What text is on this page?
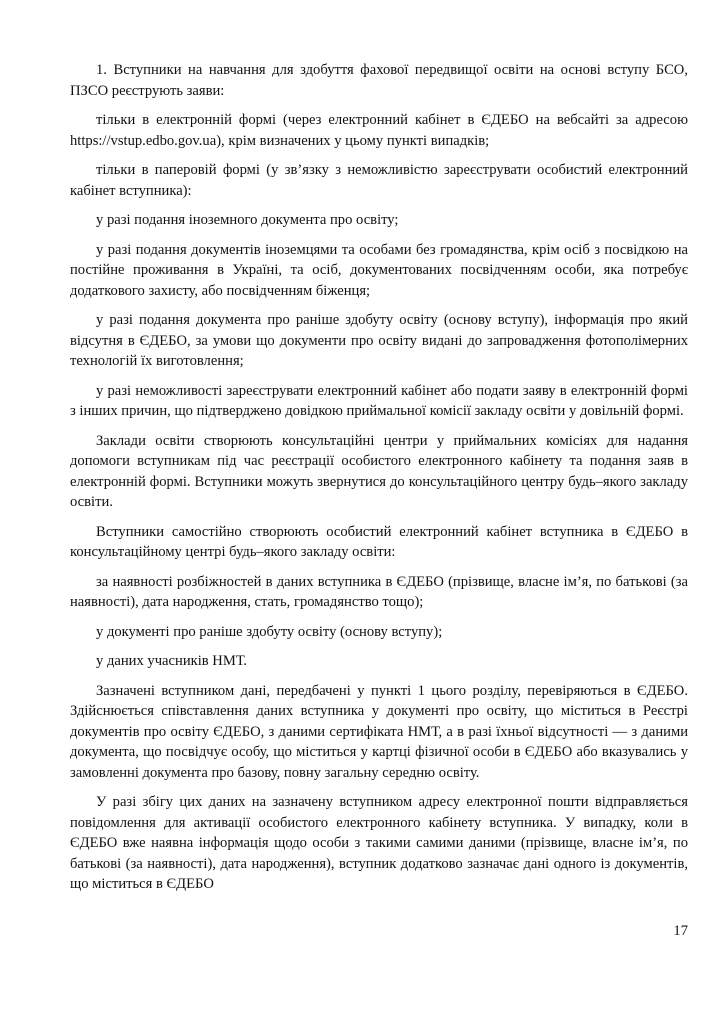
1. Вступники на навчання для здобуття фахової передвищої освіти на основі вступу БСО, ПЗСО реєструють заяви:

тільки в електронній формі (через електронний кабінет в ЄДЕБО на вебсайті за адресою https://vstup.edbo.gov.ua), крім визначених у цьому пункті випадків;

тільки в паперовій формі (у зв’язку з неможливістю зареєструвати особистий електронний кабінет вступника):

у разі подання іноземного документа про освіту;

у разі подання документів іноземцями та особами без громадянства, крім осіб з посвідкою на постійне проживання в Україні, та осіб, документованих посвідченням особи, яка потребує додаткового захисту, або посвідченням біженця;

у разі подання документа про раніше здобуту освіту (основу вступу), інформація про який відсутня в ЄДЕБО, за умови що документи про освіту видані до запровадження фотополімерних технологій їх виготовлення;

у разі неможливості зареєструвати електронний кабінет або подати заяву в електронній формі з інших причин, що підтверджено довідкою приймальної комісії закладу освіти у довільній формі.

Заклади освіти створюють консультаційні центри у приймальних комісіях для надання допомоги вступникам під час реєстрації особистого електронного кабінету та подання заяв в електронній формі. Вступники можуть звернутися до консультаційного центру будь–якого закладу освіти.

Вступники самостійно створюють особистий електронний кабінет вступника в ЄДЕБО в консультаційному центрі будь–якого закладу освіти:

за наявності розбіжностей в даних вступника в ЄДЕБО (прізвище, власне ім’я, по батькові (за наявності), дата народження, стать, громадянство тощо);

у документі про раніше здобуту освіту (основу вступу);

у даних учасників НМТ.

Зазначені вступником дані, передбачені у пункті 1 цього розділу, перевіряються в ЄДЕБО. Здійснюється співставлення даних вступника у документі про освіту, що міститься в Реєстрі документів про освіту ЄДЕБО, з даними сертифіката НМТ, а в разі їхньої відсутності — з даними документа, що посвідчує особу, що міститься у картці фізичної особи в ЄДЕБО або вказувались у замовленні документа про базову, повну загальну середню освіту.

У разі збігу цих даних на зазначену вступником адресу електронної пошти відправляється повідомлення для активації особистого електронного кабінету вступника. У випадку, коли в ЄДЕБО вже наявна інформація щодо особи з такими самими даними (прізвище, власне ім’я, по батькові (за наявності), дата народження), вступник додатково зазначає дані одного із документів, що міститься в ЄДЕБО

17
